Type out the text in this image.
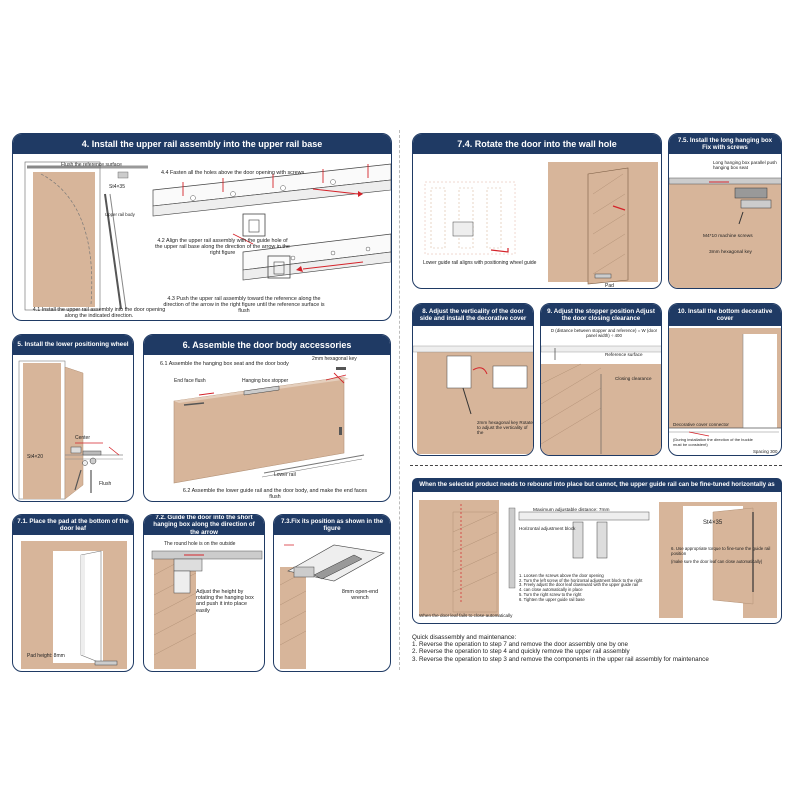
4. Install the upper rail assembly into the upper rail base
Flush the reference surface
St4×35
Upper rail body
4.4 Fasten all the holes above the door opening with screws
4.2 Align the upper rail assembly with the guide hole of the upper rail base along the direction of the arrow in the right figure
4.3 Push the upper rail assembly toward the reference along the direction of the arrow in the right figure until the reference surface is flush
4.1 Install the upper rail assembly into the door opening along the indicated direction.
5. Install the lower positioning wheel
Center
St4×20
Flush
6. Assemble the door body accessories
6.1 Assemble the hanging box seat and the door body
2mm hexagonal key
End face flush	Hanging box stopper
Lower rail
6.2 Assemble the lower guide rail and the door body, and make the end faces flush
7.1. Place the pad at the bottom of the door leaf
Pad height: 8mm
7.2. Guide the door into the short hanging box along the direction of the arrow
The round hole is on the outside
Adjust the height by rotating the hanging box and push it into place easily
7.3.Fix its position as shown in the figure
8mm open-end wrench
7.4. Rotate the door into the wall hole
Lower guide rail aligns with positioning wheel guide
Pad
7.5. Install the long hanging box Fix with screws
Long hanging box parallel push hanging box seat
M4*10 machine screws
3mm hexagonal key
8. Adjust the verticality of the door side and install the decorative cover
2mm hexagonal key Rotate to adjust the verticality of the
9. Adjust the stopper position Adjust the door closing clearance
D (distance between stopper and reference) = W (door panel width) ÷ 400
Reference surface
Closing clearance
10. Install the bottom decorative cover
Decorative cover connector
(During installation the direction of the buckle must be consistent)
Spacing 300
When the selected product needs to rebound into place but cannot, the upper guide rail can be fine-tuned horizontally as
Maximum adjustable distance: 7mm
Horizontal adjustment block
1. Loosen the screws above the door opening
2. Turn the left screw of the horizontal adjustment block to the right
3. Freely adjust the door leaf downward with the upper guide rail
4. can close automatically in place
5. Turn the right screw to the right
6. Tighten the upper guide rail base
When the door leaf fails to close automatically
St4×35
6. Use appropriate torque to fine-tune the guide rail position
(make sure the door leaf can close automatically)
Quick disassembly and maintenance:
1. Reverse the operation to step 7 and remove the door assembly one by one
2. Reverse the operation to step 4 and quickly remove the upper rail assembly
3. Reverse the operation to step 3 and remove the components in the upper rail assembly for maintenance
